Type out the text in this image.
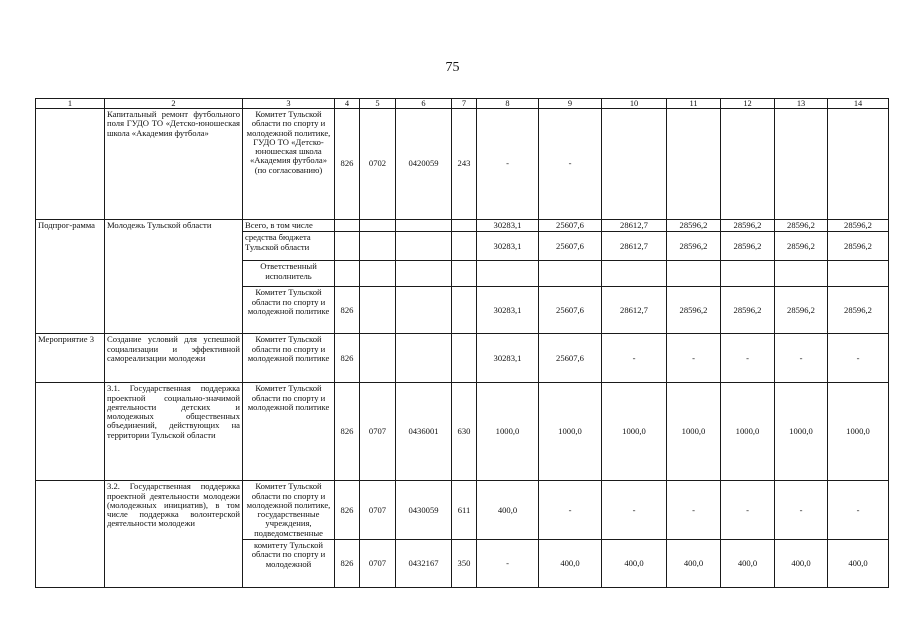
75
1	2	3	4	5	6	7	8	9	10	11	12	13	14
	Капитальный ремонт футбольного поля ГУДО ТО «Детско-юношеская школа «Академия футбола»	Комитет Тульской области по спорту и молодежной политике, ГУДО ТО «Детско-юношеская школа «Академия футбола» (по согласованию)	826	0702	0420059	243	-	-					
Подпрог-рамма	Молодежь Тульской области	Всего, в том числе					30283,1	25607,6	28612,7	28596,2	28596,2	28596,2	28596,2
		средства бюджета Тульской области					30283,1	25607,6	28612,7	28596,2	28596,2	28596,2	28596,2
		Ответственный исполнитель											
		Комитет Тульской области по спорту и молодежной политике	826				30283,1	25607,6	28612,7	28596,2	28596,2	28596,2	28596,2
Мероприятие 3	Создание условий для успешной социализации и эффективной самореализации молодежи	Комитет Тульской области по спорту и молодежной политике	826				30283,1	25607,6	-	-	-	-	-
	3.1. Государственная поддержка проектной социально-значимой деятельности детских и молодежных общественных объединений, действующих на территории Тульской области	Комитет Тульской области по спорту и молодежной политике	826	0707	0436001	630	1000,0	1000,0	1000,0	1000,0	1000,0	1000,0	1000,0
	3.2. Государственная поддержка проектной деятельности молодежи (молодежных инициатив), в том числе поддержка волонтерской деятельности молодежи	Комитет Тульской области по спорту и молодежной политике, государственные учреждения, подведомственные	826	0707	0430059	611	400,0	-	-	-	-	-	-
		комитету Тульской области по спорту и молодежной	826	0707	0432167	350	-	400,0	400,0	400,0	400,0	400,0	400,0
